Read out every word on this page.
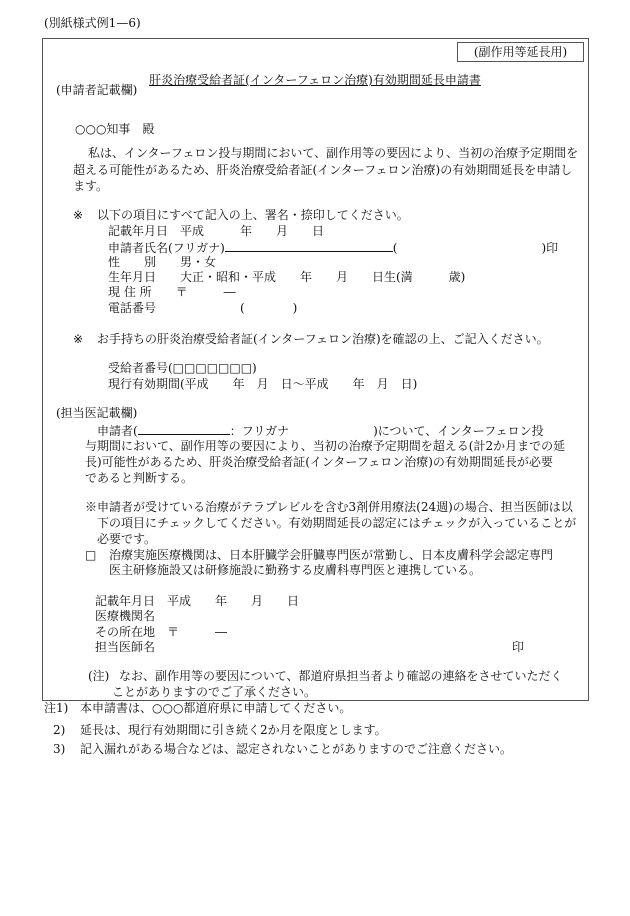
(別紙様式例1—6)
(副作用等延長用)
肝炎治療受給者証(インターフェロン治療)有効期間延長申請書
(申請者記載欄)
○○○知事　殿
私は、インターフェロン投与期間において、副作用等の要因により、当初の治療予定期間を
超える可能性があるため、肝炎治療受給者証(インターフェロン治療)の有効期間延長を申請し
ます。
※ 以下の項目にすべて記入の上、署名・捺印してください。
記載年月日　平成　　　年　　月　　日
申請者氏名(フリガナ)	(　　　　　　　　　　　　)印
性　　別　　男・女
生年月日　　大正・昭和・平成　　年　　月　　日生(満　　　歳)
現 住 所　　〒　　　―
電話番号　　　　　　　(　　　　)
※ お手持ちの肝炎治療受給者証(インターフェロン治療)を確認の上、ご記入ください。
受給者番号(□□□□□□□)
現行有効期間(平成　　年　月　日～平成　　年　月　日)
(担当医記載欄)
申請者(	：フリガナ　　　　　　　)について、インターフェロン投
与期間において、副作用等の要因により、当初の治療予定期間を超える(計2か月までの延
長)可能性があるため、肝炎治療受給者証(インターフェロン治療)の有効期間延長が必要
であると判断する。
※申請者が受けている治療がテラプレビルを含む3剤併用療法(24週)の場合、担当医師は以
下の項目にチェックしてください。有効期間延長の認定にはチェックが入っていることが
必要です。
□ 治療実施医療機関は、日本肝臓学会肝臓専門医が常勤し、日本皮膚科学会認定専門
医主研修施設又は研修施設に勤務する皮膚科専門医と連携している。
記載年月日　平成　　年　　月　　日
医療機関名
その所在地　〒　　　―
担当医師名	印
(注) なお、副作用等の要因について、都道府県担当者より確認の連絡をさせていただく
ことがありますのでご了承ください。
注1) 本申請書は、○○○都道府県に申請してください。
2) 延長は、現行有効期間に引き続く2か月を限度とします。
3) 記入漏れがある場合などは、認定されないことがありますのでご注意ください。
